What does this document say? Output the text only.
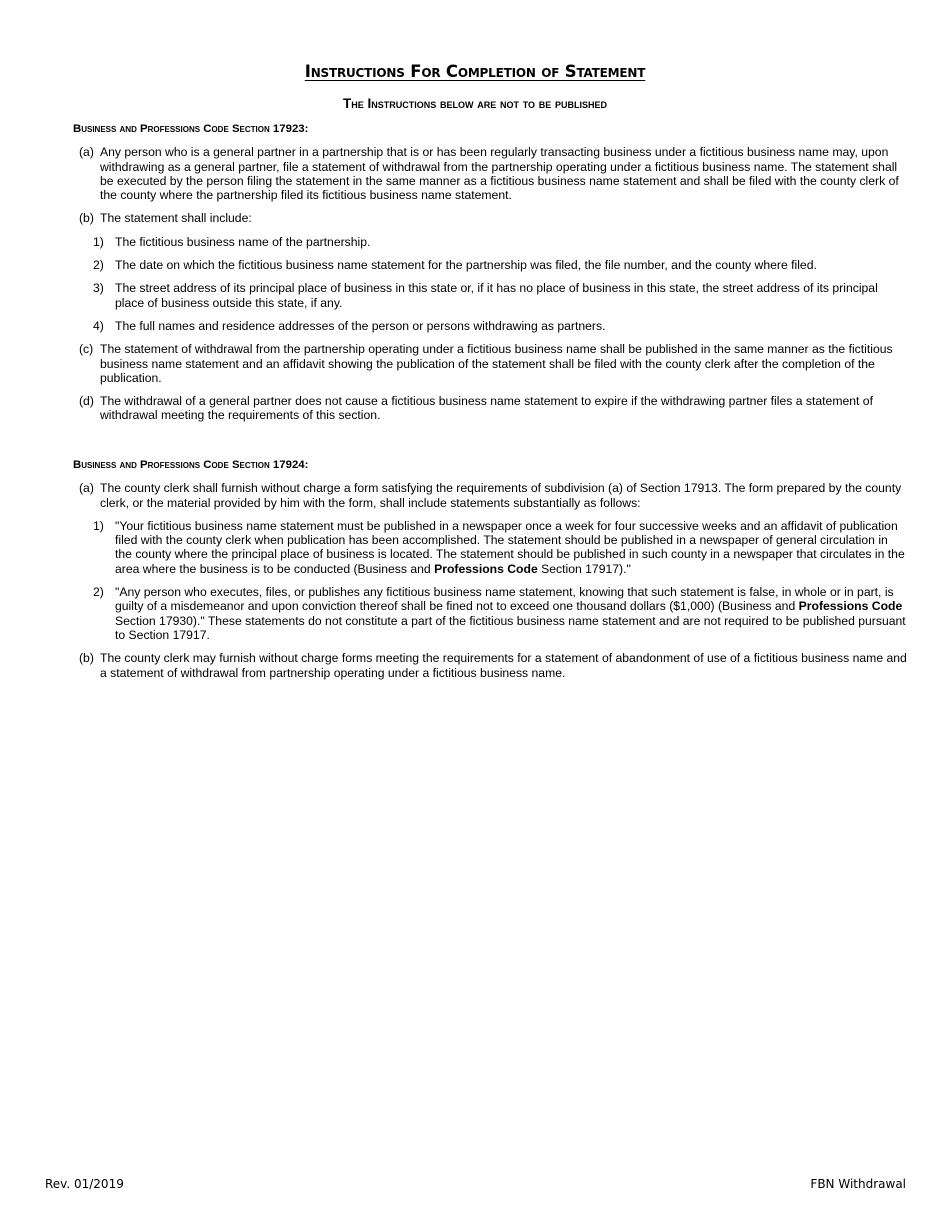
Instructions For Completion of Statement
The Instructions below are not to be published
Business and Professions Code Section 17923:
(a) Any person who is a general partner in a partnership that is or has been regularly transacting business under a fictitious business name may, upon withdrawing as a general partner, file a statement of withdrawal from the partnership operating under a fictitious business name. The statement shall be executed by the person filing the statement in the same manner as a fictitious business name statement and shall be filed with the county clerk of the county where the partnership filed its fictitious business name statement.
(b) The statement shall include:
1) The fictitious business name of the partnership.
2) The date on which the fictitious business name statement for the partnership was filed, the file number, and the county where filed.
3) The street address of its principal place of business in this state or, if it has no place of business in this state, the street address of its principal place of business outside this state, if any.
4) The full names and residence addresses of the person or persons withdrawing as partners.
(c) The statement of withdrawal from the partnership operating under a fictitious business name shall be published in the same manner as the fictitious business name statement and an affidavit showing the publication of the statement shall be filed with the county clerk after the completion of the publication.
(d) The withdrawal of a general partner does not cause a fictitious business name statement to expire if the withdrawing partner files a statement of withdrawal meeting the requirements of this section.
Business and Professions Code Section 17924:
(a) The county clerk shall furnish without charge a form satisfying the requirements of subdivision (a) of Section 17913. The form prepared by the county clerk, or the material provided by him with the form, shall include statements substantially as follows:
1) "Your fictitious business name statement must be published in a newspaper once a week for four successive weeks and an affidavit of publication filed with the county clerk when publication has been accomplished. The statement should be published in a newspaper of general circulation in the county where the principal place of business is located. The statement should be published in such county in a newspaper that circulates in the area where the business is to be conducted (Business and Professions Code Section 17917)."
2) "Any person who executes, files, or publishes any fictitious business name statement, knowing that such statement is false, in whole or in part, is guilty of a misdemeanor and upon conviction thereof shall be fined not to exceed one thousand dollars ($1,000) (Business and Professions Code Section 17930)." These statements do not constitute a part of the fictitious business name statement and are not required to be published pursuant to Section 17917.
(b) The county clerk may furnish without charge forms meeting the requirements for a statement of abandonment of use of a fictitious business name and a statement of withdrawal from partnership operating under a fictitious business name.
Rev. 01/2019	FBN Withdrawal
